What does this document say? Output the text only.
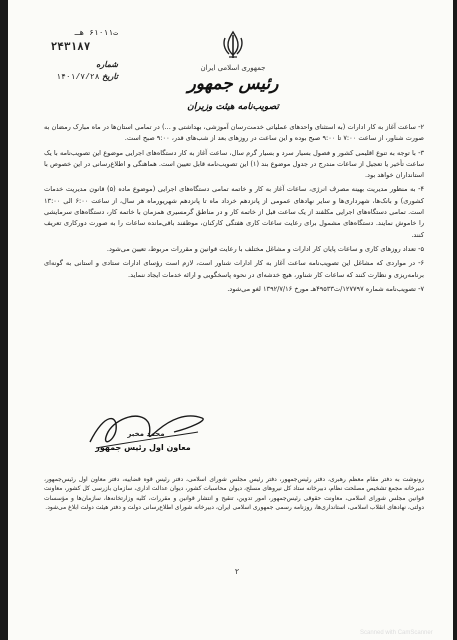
۲۴۳۱۸۷
ت۶۱۰۱۱ هـ
شماره
تاریخ ۱۴۰۱/۷/۲۸
جمهوری اسلامی ایران
رئیس جمهور
تصویب‌نامه هیئت وزیران

۲- ساعت آغاز به کار ادارات (به استثنای واحدهای عملیاتی خدمت‌رسان آموزشی، بهداشتی و ...) در تمامی استان‌ها در ماه مبارک رمضان به صورت شناور، از ساعت ۷:۰۰ تا ۹:۰۰ صبح بوده و این ساعت در روزهای بعد از شب‌های قدر، ۹:۰۰ صبح است.

۳- با توجه به تنوع اقلیمی کشور و فصول بسیار سرد و بسیار گرم سال، ساعت آغاز به کار دستگاه‌های اجرایی موضوع این تصویب‌نامه با یک ساعت تأخیر یا تعجیل از ساعات مندرج در جدول موضوع بند (۱) این تصویب‌نامه قابل تعیین است. هماهنگی و اطلاع‌رسانی در این خصوص با استانداران خواهد بود.

۴- به منظور مدیریت بهینه مصرف انرژی، ساعات آغاز به کار و خاتمه تمامی دستگاه‌های اجرایی (موضوع ماده (۵) قانون مدیریت خدمات کشوری) و بانک‌ها، شهرداری‌ها و سایر نهادهای عمومی از پانزدهم خرداد ماه تا پانزدهم شهریورماه هر سال، از ساعت ۶:۰۰ الی ۱۳:۰۰ است. تمامی دستگاه‌های اجرایی مکلفند از یک ساعت قبل از خاتمه کار و در مناطق گرمسیری همزمان با خاتمه کار، دستگاه‌های سرمایشی را خاموش نمایند. دستگاه‌های مشمول برای رعایت ساعات کاری هفتگی کارکنان، موظفند باقی‌مانده ساعات را به صورت دورکاری تعریف کنند.

۵- تعداد روزهای کاری و ساعات پایان کار ادارات و مشاغل مختلف با رعایت قوانین و مقررات مربوط، تعیین می‌شود.

۶- در مواردی که مشاغل این تصویب‌نامه ساعت آغاز به کار ادارات شناور است، لازم است رؤسای ادارات ستادی و استانی به گونه‌ای برنامه‌ریزی و نظارت کنند که ساعات کار شناور، هیچ خدشه‌ای در نحوه پاسخگویی و ارائه خدمات ایجاد ننماید.

۷- تصویب‌نامه شماره ۱۲۷۷۹۷/ت۴۹۵۳۳هـ مورخ ۱۳۹۲/۷/۱۶ لغو می‌شود.

محمد مخبر
معاون اول رئیس جمهور
رونوشت به دفتر مقام معظم رهبری، دفتر رئیس‌جمهور، دفتر رئیس مجلس شورای اسلامی، دفتر رئیس قوه قضاییه، دفتر معاون اول رئیس‌جمهور، دبیرخانه مجمع تشخیص مصلحت نظام، دبیرخانه ستاد کل نیروهای مسلح، دیوان محاسبات کشور، دیوان عدالت اداری، سازمان بازرسی کل کشور، معاونت قوانین مجلس شورای اسلامی، معاونت حقوقی رئیس‌جمهور، امور تدوین، تنقیح و انتشار قوانین و مقررات، کلیه وزارتخانه‌ها، سازمان‌ها و مؤسسات دولتی، نهادهای انقلاب اسلامی، استانداری‌ها، روزنامه رسمی جمهوری اسلامی ایران، دبیرخانه شورای اطلاع‌رسانی دولت و دفتر هیئت دولت ابلاغ می‌شود.
۲
Scanned with CamScanner
